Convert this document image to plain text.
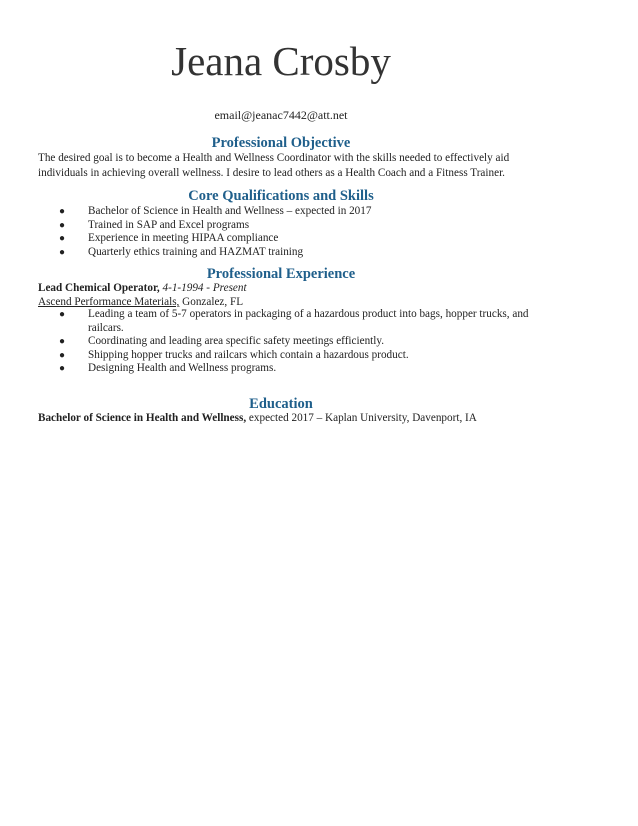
Jeana Crosby
email@jeanac7442@att.net
Professional Objective

The desired goal is to become a Health and Wellness Coordinator with the skills needed to effectively aid individuals in achieving overall wellness. I desire to lead others as a Health Coach and a Fitness Trainer.

Core Qualifications and Skills
● Bachelor of Science in Health and Wellness – expected in 2017
● Trained in SAP and Excel programs
● Experience in meeting HIPAA compliance
● Quarterly ethics training and HAZMAT training
Professional Experience
Lead Chemical Operator, 4-1-1994 - Present
Ascend Performance Materials, Gonzalez, FL
● Leading a team of 5-7 operators in packaging of a hazardous product into bags, hopper trucks, and railcars.
● Coordinating and leading area specific safety meetings efficiently.
● Shipping hopper trucks and railcars which contain a hazardous product.
● Designing Health and Wellness programs.
Education
Bachelor of Science in Health and Wellness, expected 2017 – Kaplan University, Davenport, IA
